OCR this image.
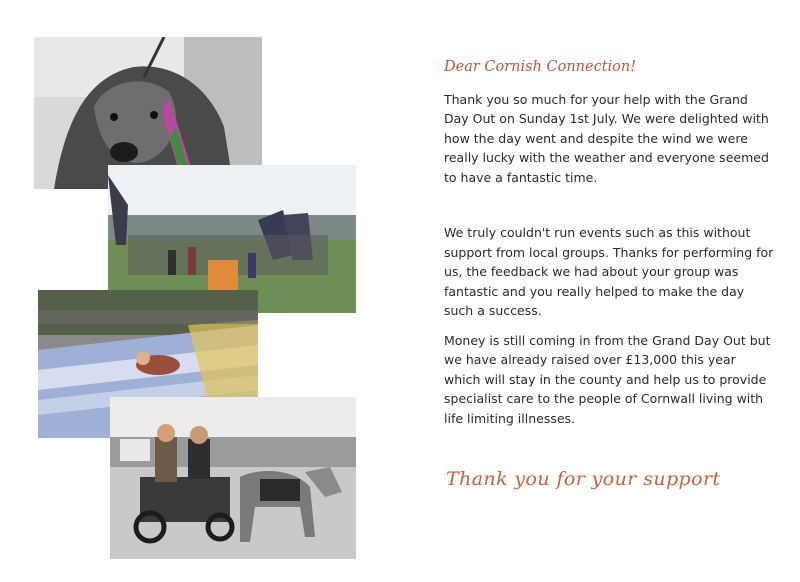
Dear Cornish Connection!

Thank you so much for your help with the Grand Day Out on Sunday 1st July. We were delighted with how the day went and despite the wind we were really lucky with the weather and everyone seemed to have a fantastic time.

We truly couldn't run events such as this without support from local groups. Thanks for performing for us, the feedback we had about your group was fantastic and you really helped to make the day such a success.

Money is still coming in from the Grand Day Out but we have already raised over £13,000 this year which will stay in the county and help us to provide specialist care to the people of Cornwall living with life limiting illnesses.

Thank you for your support
